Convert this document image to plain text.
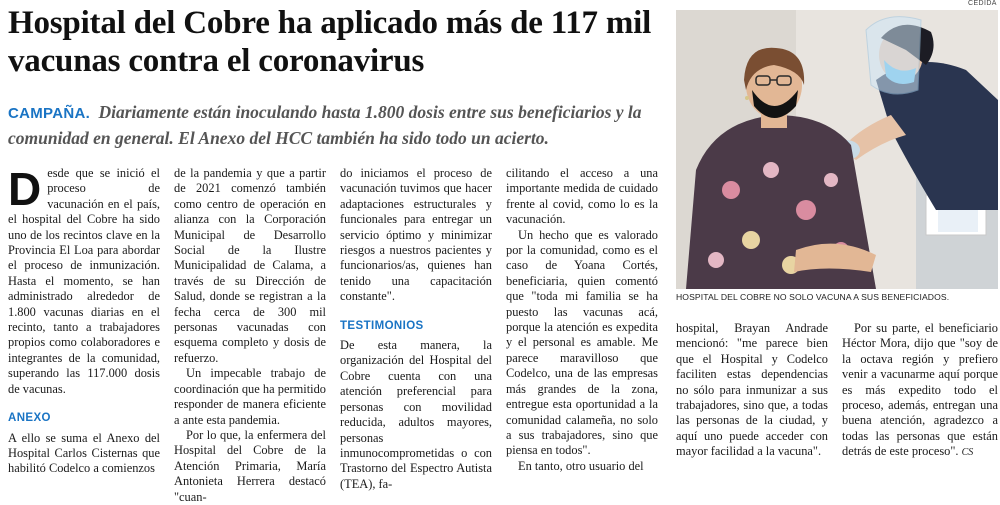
Hospital del Cobre ha aplicado más de 117 mil vacunas contra el coronavirus
CAMPAÑA. Diariamente están inoculando hasta 1.800 dosis entre sus beneficiarios y la comunidad en general. El Anexo del HCC también ha sido todo un acierto.
CEDIDA
HOSPITAL DEL COBRE NO SOLO VACUNA A SUS BENEFICIADOS.

Desde que se inició el proceso de vacunación en el país, el hospital del Cobre ha sido uno de los recintos clave en la Provincia El Loa para abordar el proceso de inmunización. Hasta el momento, se han administrado alrededor de 1.800 vacunas diarias en el recinto, tanto a trabajadores propios como colaboradores e integrantes de la comunidad, superando las 117.000 dosis de vacunas.

ANEXO

A ello se suma el Anexo del Hospital Carlos Cisternas que habilitó Codelco a comienzos

de la pandemia y que a partir de 2021 comenzó también como centro de operación en alianza con la Corporación Municipal de Desarrollo Social de la Ilustre Municipalidad de Calama, a través de su Dirección de Salud, donde se registran a la fecha cerca de 300 mil personas vacunadas con esquema completo y dosis de refuerzo.

Un impecable trabajo de coordinación que ha permitido responder de manera eficiente a ante esta pandemia.

Por lo que, la enfermera del Hospital del Cobre de la Atención Primaria, María Antonieta Herrera destacó "cuan-

do iniciamos el proceso de vacunación tuvimos que hacer adaptaciones estructurales y funcionales para entregar un servicio óptimo y minimizar riesgos a nuestros pacientes y funcionarios/as, quienes han tenido una capacitación constante".

TESTIMONIOS

De esta manera, la organización del Hospital del Cobre cuenta con una atención preferencial para personas con movilidad reducida, adultos mayores, personas inmunocomprometidas o con Trastorno del Espectro Autista (TEA), fa-

cilitando el acceso a una importante medida de cuidado frente al covid, como lo es la vacunación.

Un hecho que es valorado por la comunidad, como es el caso de Yoana Cortés, beneficiaria, quien comentó que "toda mi familia se ha puesto las vacunas acá, porque la atención es expedita y el personal es amable. Me parece maravilloso que Codelco, una de las empresas más grandes de la zona, entregue esta oportunidad a la comunidad calameña, no solo a sus trabajadores, sino que piensa en todos".

En tanto, otro usuario del

hospital, Brayan Andrade mencionó: "me parece bien que el Hospital y Codelco faciliten estas dependencias no sólo para inmunizar a sus trabajadores, sino que, a todas las personas de la ciudad, y aquí uno puede acceder con mayor facilidad a la vacuna".

Por su parte, el beneficiario Héctor Mora, dijo que "soy de la octava región y prefiero venir a vacunarme aquí porque es más expedito todo el proceso, además, entregan una buena atención, agradezco a todas las personas que están detrás de este proceso". CS
